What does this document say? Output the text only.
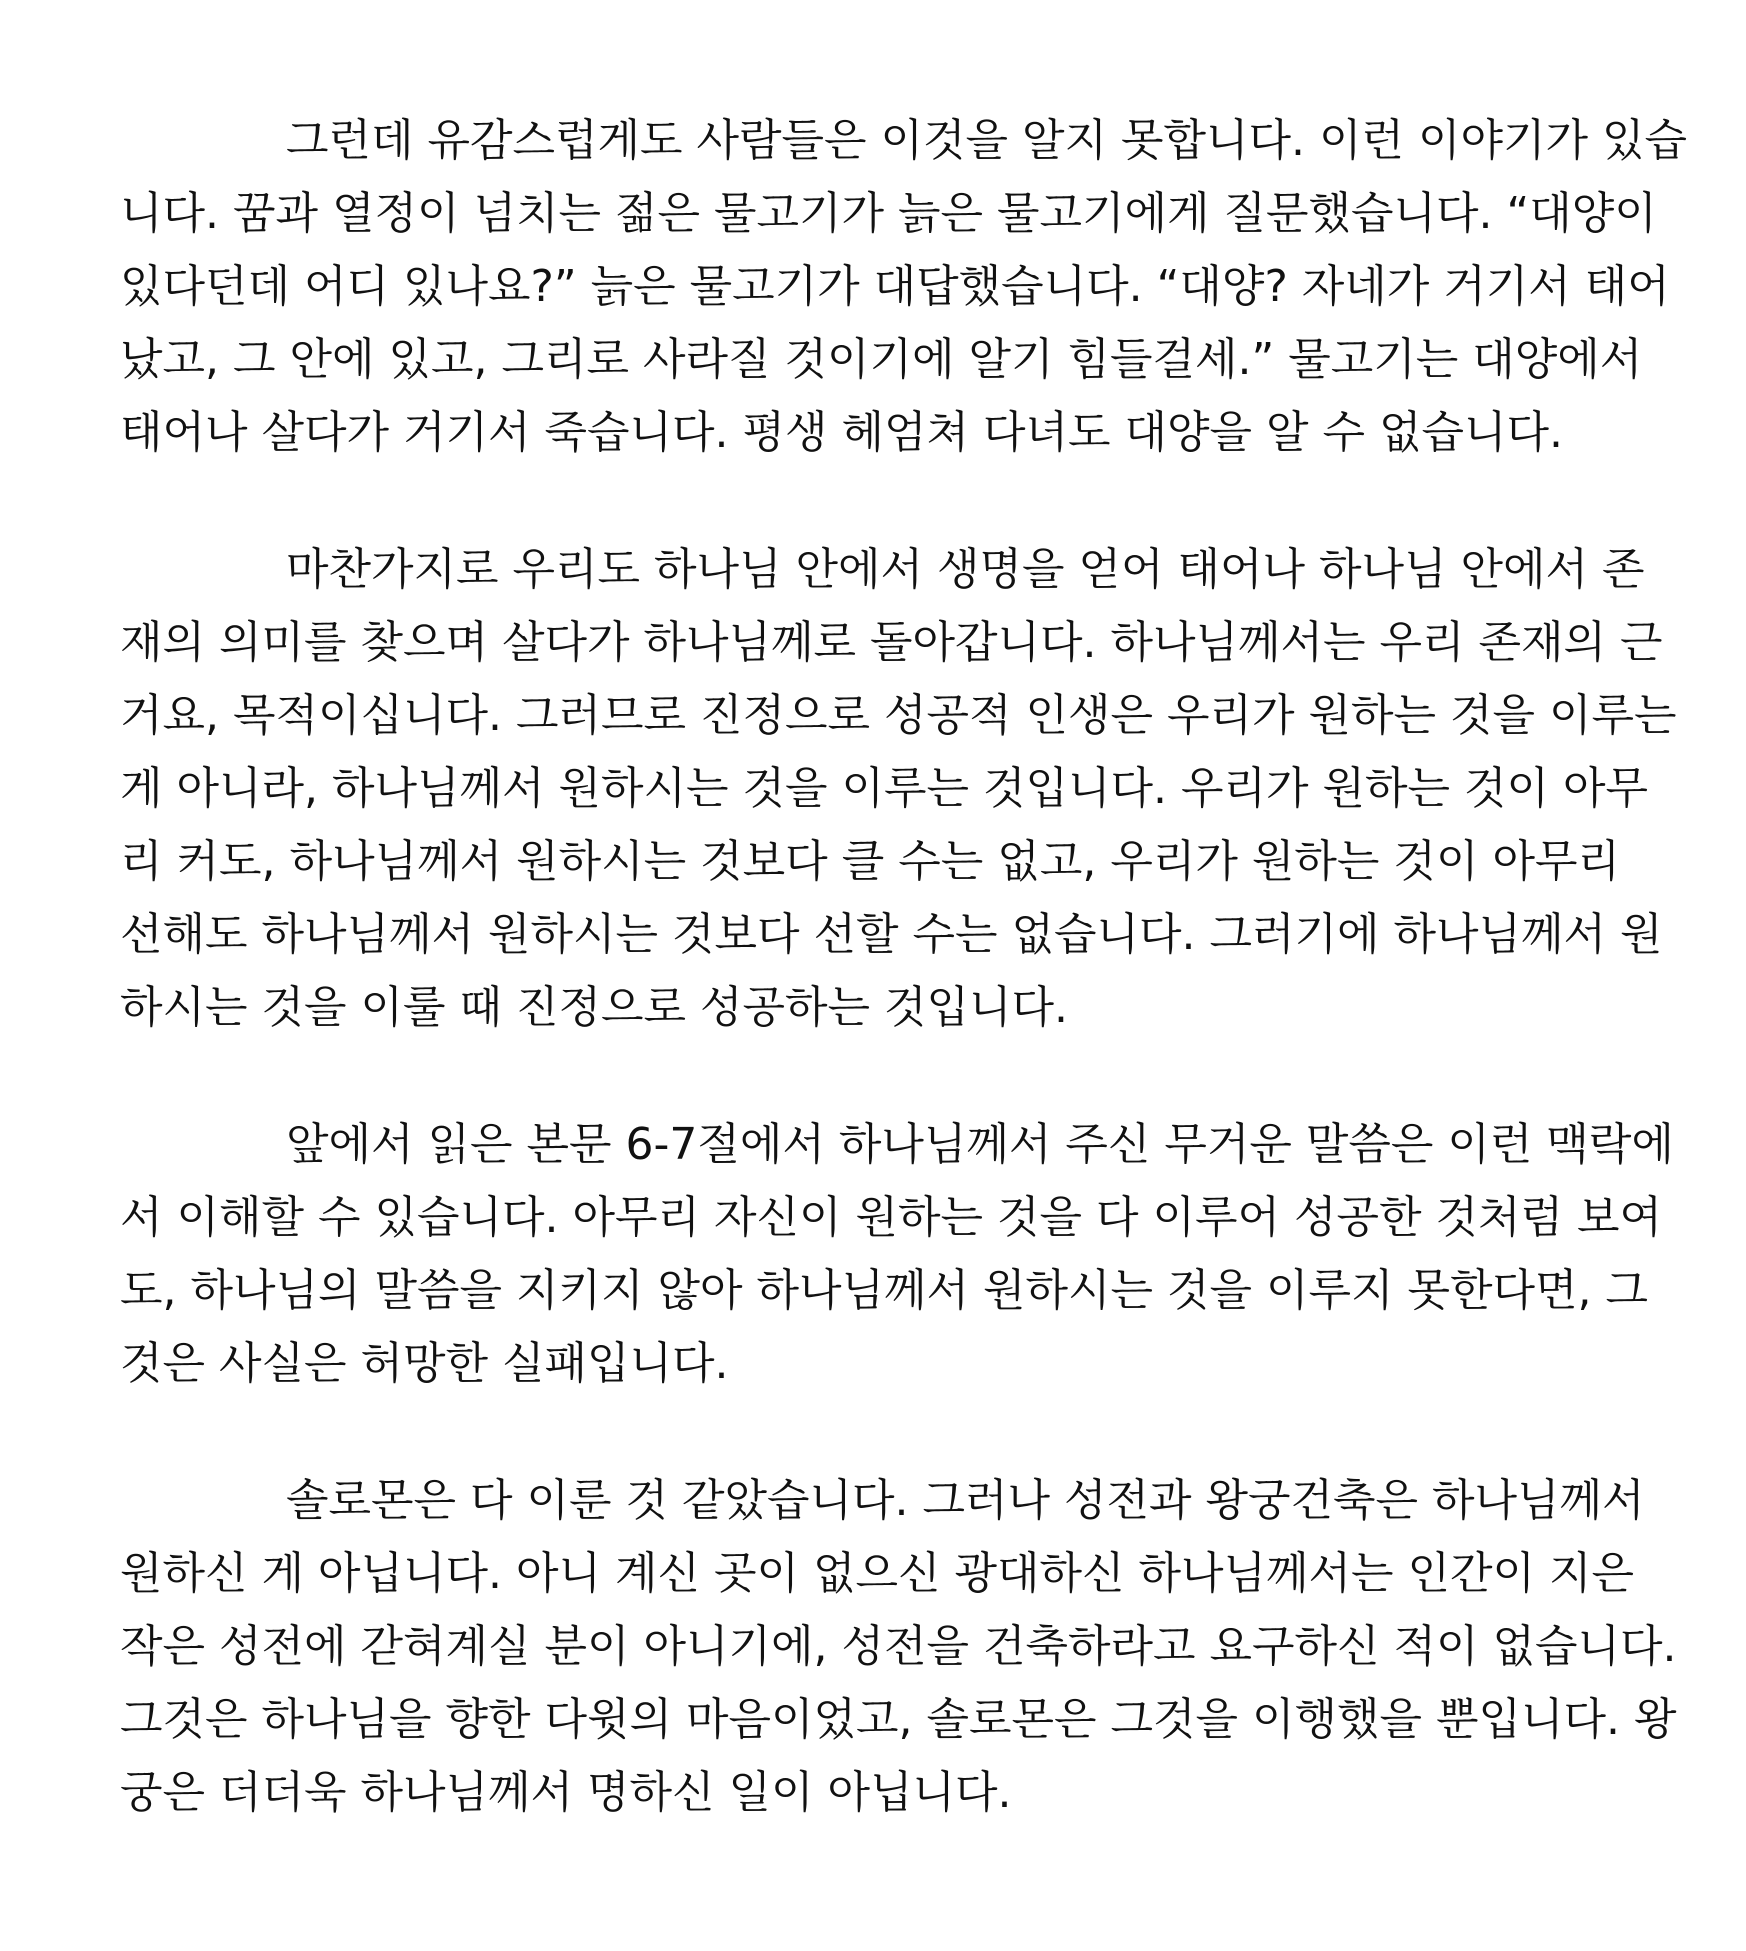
그런데 유감스럽게도 사람들은 이것을 알지 못합니다. 이런 이야기가 있습
니다. 꿈과 열정이 넘치는 젊은 물고기가 늙은 물고기에게 질문했습니다. “대양이
있다던데 어디 있나요?” 늙은 물고기가 대답했습니다. “대양? 자네가 거기서 태어
났고, 그 안에 있고, 그리로 사라질 것이기에 알기 힘들걸세.” 물고기는 대양에서
태어나 살다가 거기서 죽습니다. 평생 헤엄쳐 다녀도 대양을 알 수 없습니다.
마찬가지로 우리도 하나님 안에서 생명을 얻어 태어나 하나님 안에서 존
재의 의미를 찾으며 살다가 하나님께로 돌아갑니다. 하나님께서는 우리 존재의 근
거요, 목적이십니다. 그러므로 진정으로 성공적 인생은 우리가 원하는 것을 이루는
게 아니라, 하나님께서 원하시는 것을 이루는 것입니다. 우리가 원하는 것이 아무
리 커도, 하나님께서 원하시는 것보다 클 수는 없고, 우리가 원하는 것이 아무리
선해도 하나님께서 원하시는 것보다 선할 수는 없습니다. 그러기에 하나님께서 원
하시는 것을 이룰 때 진정으로 성공하는 것입니다.
앞에서 읽은 본문 6-7절에서 하나님께서 주신 무거운 말씀은 이런 맥락에
서 이해할 수 있습니다. 아무리 자신이 원하는 것을 다 이루어 성공한 것처럼 보여
도, 하나님의 말씀을 지키지 않아 하나님께서 원하시는 것을 이루지 못한다면, 그
것은 사실은 허망한 실패입니다.
솔로몬은 다 이룬 것 같았습니다. 그러나 성전과 왕궁건축은 하나님께서
원하신 게 아닙니다. 아니 계신 곳이 없으신 광대하신 하나님께서는 인간이 지은
작은 성전에 갇혀계실 분이 아니기에, 성전을 건축하라고 요구하신 적이 없습니다.
그것은 하나님을 향한 다윗의 마음이었고, 솔로몬은 그것을 이행했을 뿐입니다. 왕
궁은 더더욱 하나님께서 명하신 일이 아닙니다.
